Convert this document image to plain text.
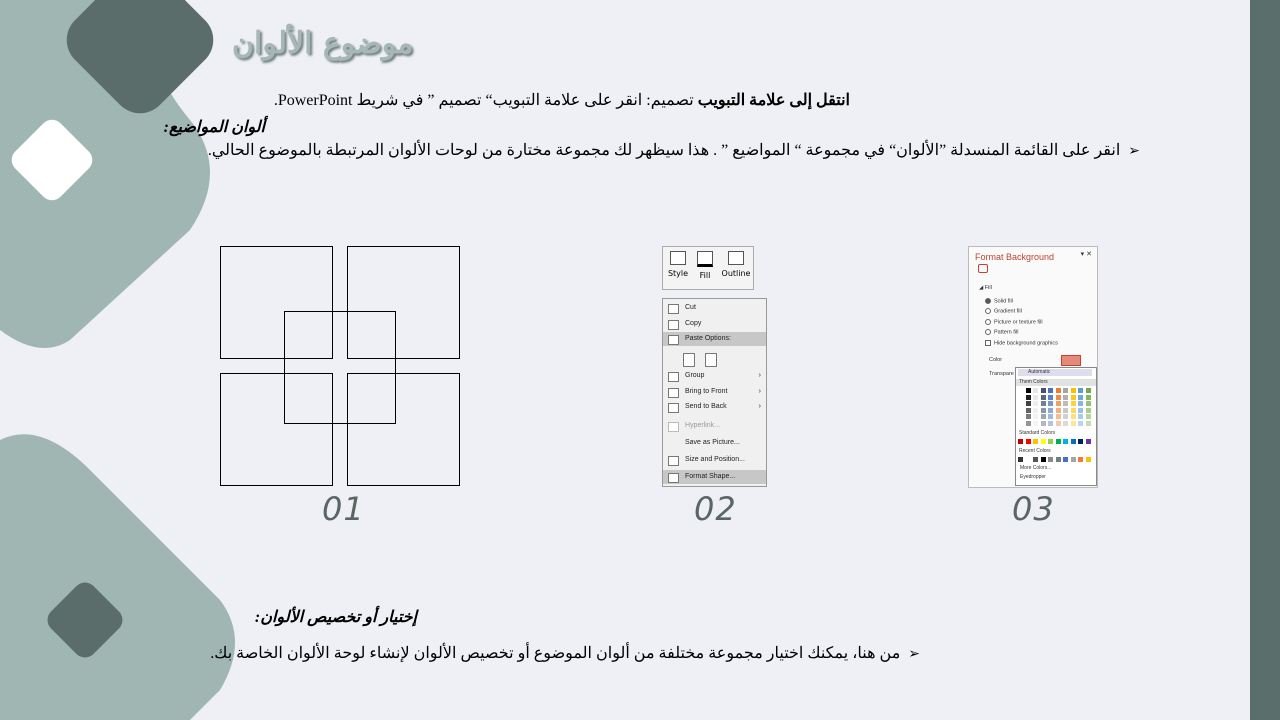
موضوع الألوان
انتقل إلى علامة التبويب تصميم: انقر على علامة التبويب“ تصميم ” في شريط PowerPoint.
ألوان المواضيع:
➢  انقر على القائمة المنسدلة ”الألوان“ في مجموعة “ المواضيع ” . هذا سيظهر لك مجموعة مختارة من لوحات الألوان المرتبطة بالموضوع الحالي.
Style	Fill	Outline
Cut
Copy
Paste Options:
Group	›
Bring to Front	›
Send to Back	›
Hyperlink...
Save as Picture...
Size and Position...
Format Shape...
Format Background	▾ ✕
◢ Fill
Solid fill
Gradient fill
Picture or texture fill
Pattern fill
Hide background graphics
Color
Transpare	Automatic
Them Colors
Standard Colors
Recent Colors
More Colors...
Eyedropper
01	02	03
إختيار أو تخصيص الألوان:
➢  من هنا، يمكنك اختيار مجموعة مختلفة من ألوان الموضوع أو تخصيص الألوان لإنشاء لوحة الألوان الخاصة بك.
